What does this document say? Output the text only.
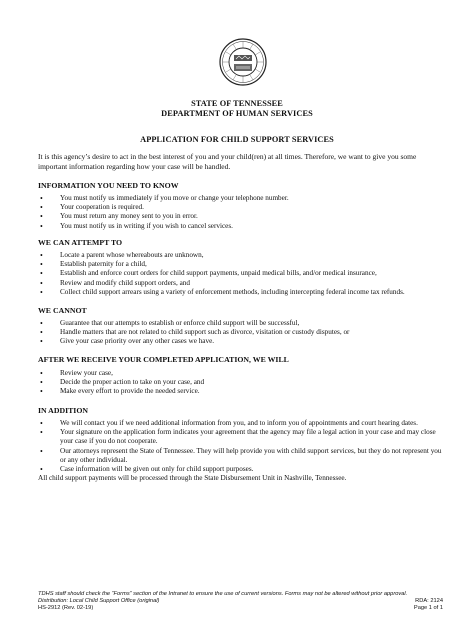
STATE OF TENNESSEE
DEPARTMENT OF HUMAN SERVICES
APPLICATION FOR CHILD SUPPORT SERVICES
It is this agency’s desire to act in the best interest of you and your child(ren) at all times. Therefore, we want to give you some important information regarding how your case will be handled.
INFORMATION YOU NEED TO KNOW
• You must notify us immediately if you move or change your telephone number.
• Your cooperation is required.
• You must return any money sent to you in error.
• You must notify us in writing if you wish to cancel services.
WE CAN ATTEMPT TO
• Locate a parent whose whereabouts are unknown,
• Establish paternity for a child,
• Establish and enforce court orders for child support payments, unpaid medical bills, and/or medical insurance,
• Review and modify child support orders, and
• Collect child support arrears using a variety of enforcement methods, including intercepting federal income tax refunds.
WE CANNOT
• Guarantee that our attempts to establish or enforce child support will be successful,
• Handle matters that are not related to child support such as divorce, visitation or custody disputes, or
• Give your case priority over any other cases we have.
AFTER WE RECEIVE YOUR COMPLETED APPLICATION, WE WILL
• Review your case,
• Decide the proper action to take on your case, and
• Make every effort to provide the needed service.
IN ADDITION
• We will contact you if we need additional information from you, and to inform you of appointments and court hearing dates.
• Your signature on the application form indicates your agreement that the agency may file a legal action in your case and may close your case if you do not cooperate.
• Our attorneys represent the State of Tennessee. They will help provide you with child support services, but they do not represent you or any other individual.
• Case information will be given out only for child support purposes.
All child support payments will be processed through the State Disbursement Unit in Nashville, Tennessee.
TDHS staff should check the “Forms” section of the Intranet to ensure the use of current versions. Forms may not be altered without prior approval.
Distribution: Local Child Support Office (original)	RDA: 2124
HS-2912 (Rev. 02-19)	Page 1 of 1
